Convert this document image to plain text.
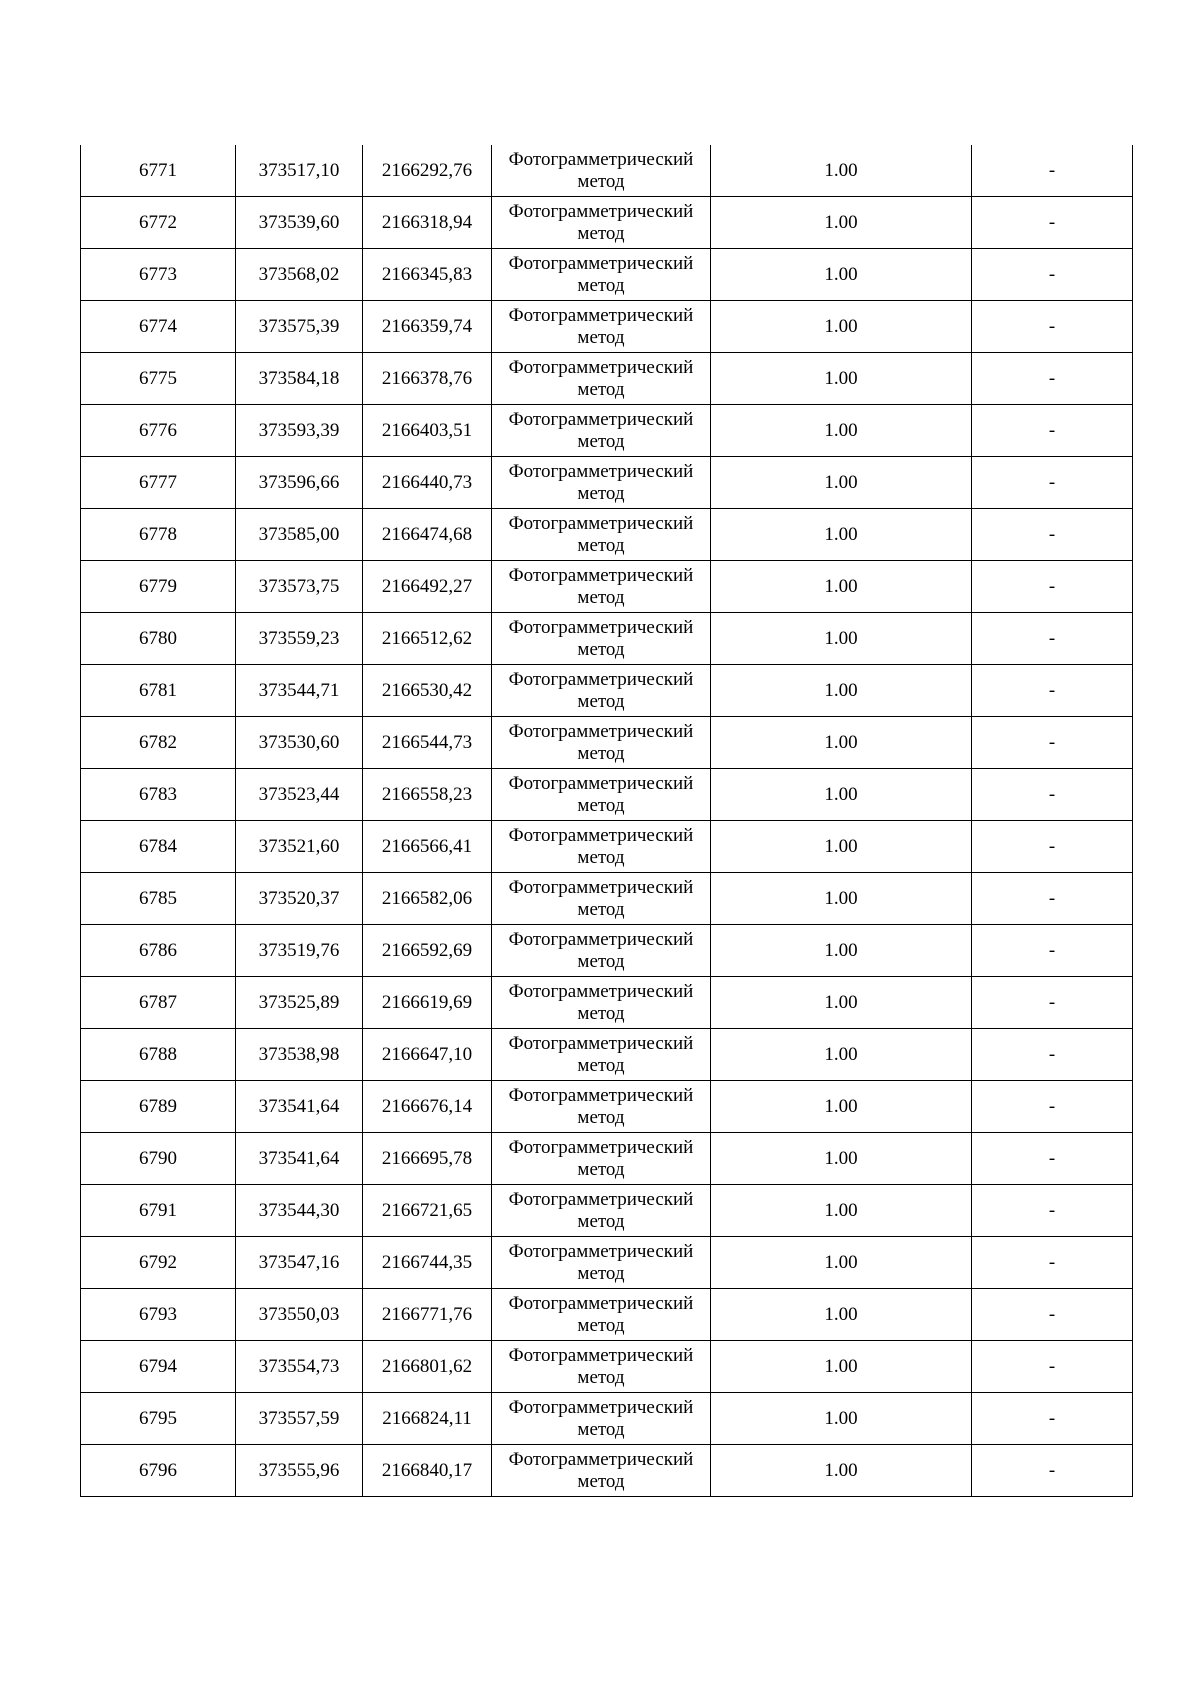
6771	373517,10	2166292,76	Фотограмметрический метод	1.00	-
6772	373539,60	2166318,94	Фотограмметрический метод	1.00	-
6773	373568,02	2166345,83	Фотограмметрический метод	1.00	-
6774	373575,39	2166359,74	Фотограмметрический метод	1.00	-
6775	373584,18	2166378,76	Фотограмметрический метод	1.00	-
6776	373593,39	2166403,51	Фотограмметрический метод	1.00	-
6777	373596,66	2166440,73	Фотограмметрический метод	1.00	-
6778	373585,00	2166474,68	Фотограмметрический метод	1.00	-
6779	373573,75	2166492,27	Фотограмметрический метод	1.00	-
6780	373559,23	2166512,62	Фотограмметрический метод	1.00	-
6781	373544,71	2166530,42	Фотограмметрический метод	1.00	-
6782	373530,60	2166544,73	Фотограмметрический метод	1.00	-
6783	373523,44	2166558,23	Фотограмметрический метод	1.00	-
6784	373521,60	2166566,41	Фотограмметрический метод	1.00	-
6785	373520,37	2166582,06	Фотограмметрический метод	1.00	-
6786	373519,76	2166592,69	Фотограмметрический метод	1.00	-
6787	373525,89	2166619,69	Фотограмметрический метод	1.00	-
6788	373538,98	2166647,10	Фотограмметрический метод	1.00	-
6789	373541,64	2166676,14	Фотограмметрический метод	1.00	-
6790	373541,64	2166695,78	Фотограмметрический метод	1.00	-
6791	373544,30	2166721,65	Фотограмметрический метод	1.00	-
6792	373547,16	2166744,35	Фотограмметрический метод	1.00	-
6793	373550,03	2166771,76	Фотограмметрический метод	1.00	-
6794	373554,73	2166801,62	Фотограмметрический метод	1.00	-
6795	373557,59	2166824,11	Фотограмметрический метод	1.00	-
6796	373555,96	2166840,17	Фотограмметрический метод	1.00	-
